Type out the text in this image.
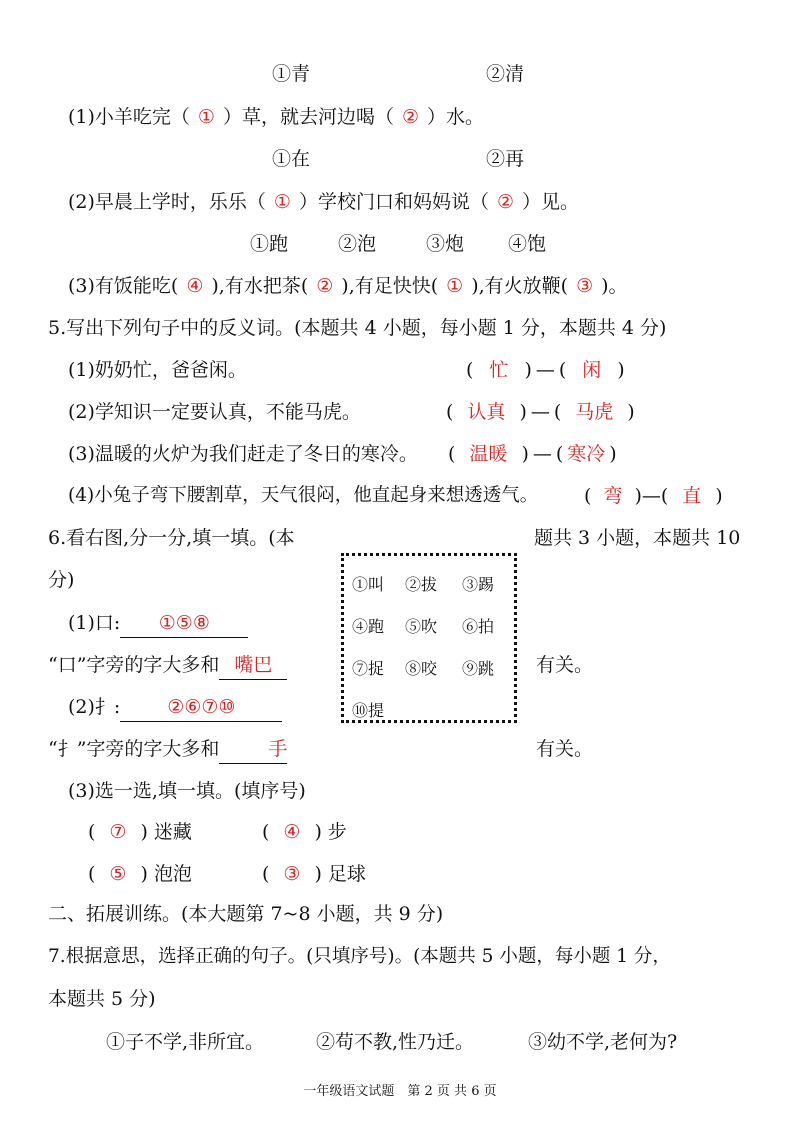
①青	②清
(1)小羊吃完（ ① ）草，就去河边喝（ ② ）水。
①在	②再
(2)早晨上学时，乐乐（ ① ）学校门口和妈妈说（ ② ）见。
①跑	②泡	③炮 ④饱
(3)有饭能吃( ④ ),有水把茶( ② ),有足快快( ① ),有火放鞭( ③ )。
5.写出下列句子中的反义词。(本题共 4 小题，每小题 1 分，本题共 4 分)
(1)奶奶忙，爸爸闲。	( 忙 ) — ( 闲 )
(2)学知识一定要认真，不能马虎。	( 认真 ) — ( 马虎 )
(3)温暖的火炉为我们赶走了冬日的寒冷。 ( 温暖 ) — ( 寒冷 )
(4)小兔子弯下腰割草，天气很闷，他直起身来想透透气。 ( 弯 )—( 直 )
6.看右图,分一分,填一填。(本	题共 3 小题，本题共 10
分)
(1)口: ①⑤⑧
“口”字旁的字大多和 嘴巴	有关。
(2)扌: ②⑥⑦⑩
“扌”字旁的字大多和	手	有关。
(3)选一选,填一填。(填序号)
( ⑦ ) 迷藏	( ④ ) 步
( ⑤ ) 泡泡	( ③ ) 足球
①叫 ②拔 ③踢
④跑 ⑤吹 ⑥拍
⑦捉 ⑧咬 ⑨跳
⑩提
二、拓展训练。(本大题第 7~8 小题，共 9 分)
7.根据意思，选择正确的句子。(只填序号)。(本题共 5 小题，每小题 1 分，
本题共 5 分)
①子不学,非所宜。	②苟不教,性乃迁。	③幼不学,老何为?
一年级语文试题　第 2 页 共 6 页
